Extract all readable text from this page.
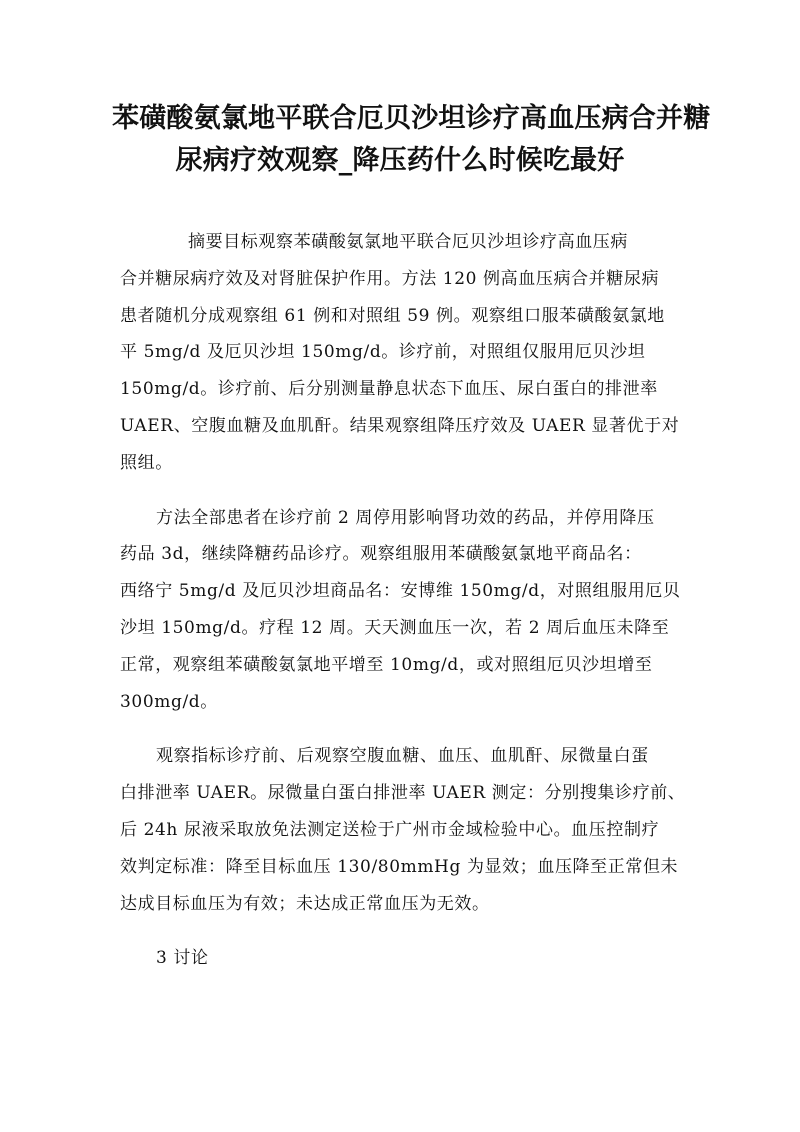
苯磺酸氨氯地平联合厄贝沙坦诊疗高血压病合并糖
尿病疗效观察_降压药什么时候吃最好
摘要目标观察苯磺酸氨氯地平联合厄贝沙坦诊疗高血压病
合并糖尿病疗效及对肾脏保护作用。方法 120 例高血压病合并糖尿病
患者随机分成观察组 61 例和对照组 59 例。观察组口服苯磺酸氨氯地
平 5mg/d 及厄贝沙坦 150mg/d。诊疗前，对照组仅服用厄贝沙坦
150mg/d。诊疗前、后分别测量静息状态下血压、尿白蛋白的排泄率
UAER、空腹血糖及血肌酐。结果观察组降压疗效及 UAER 显著优于对
照组。
方法全部患者在诊疗前 2 周停用影响肾功效的药品，并停用降压
药品 3d，继续降糖药品诊疗。观察组服用苯磺酸氨氯地平商品名：
西络宁 5mg/d 及厄贝沙坦商品名：安博维 150mg/d，对照组服用厄贝
沙坦 150mg/d。疗程 12 周。天天测血压一次，若 2 周后血压未降至
正常，观察组苯磺酸氨氯地平增至 10mg/d，或对照组厄贝沙坦增至
300mg/d。
观察指标诊疗前、后观察空腹血糖、血压、血肌酐、尿微量白蛋
白排泄率 UAER。尿微量白蛋白排泄率 UAER 测定：分别搜集诊疗前、
后 24h 尿液采取放免法测定送检于广州市金域检验中心。血压控制疗
效判定标准：降至目标血压 130/80mmHg 为显效；血压降至正常但未
达成目标血压为有效；未达成正常血压为无效。
3 讨论
